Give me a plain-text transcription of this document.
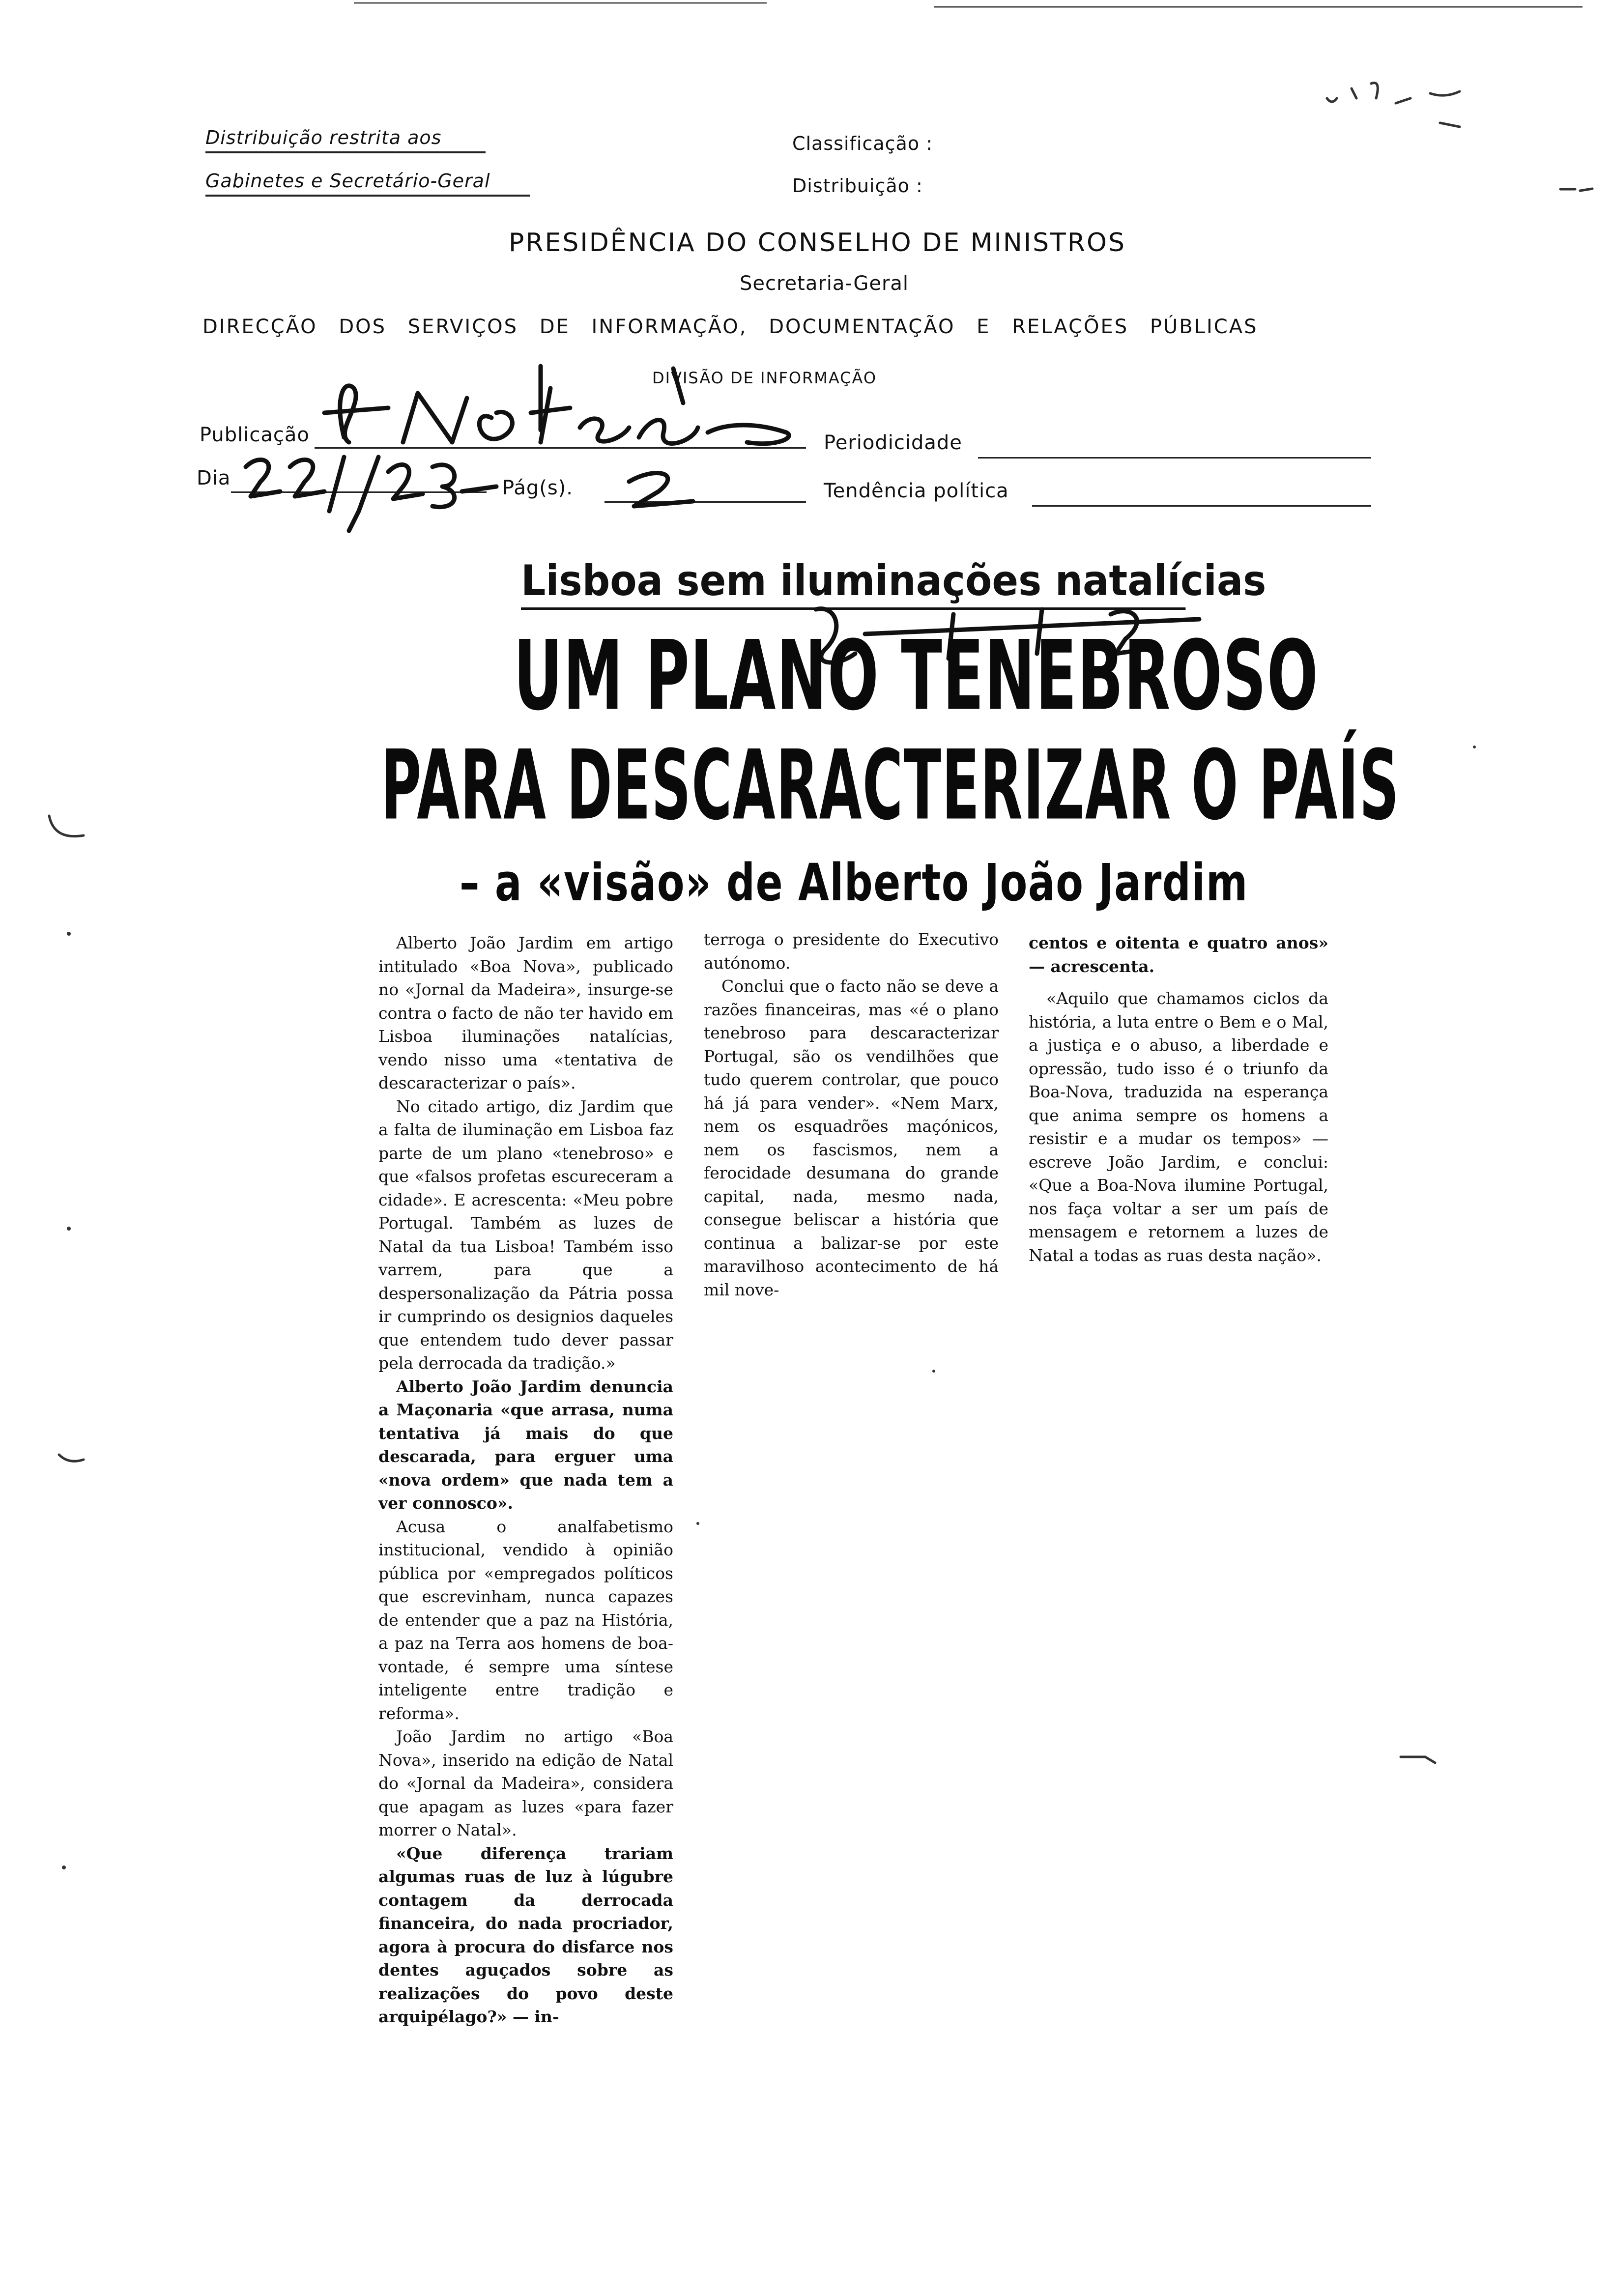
Distribuição restrita aos
Gabinetes e Secretário-Geral
Classificação :
Distribuição :
PRESIDÊNCIA DO CONSELHO DE MINISTROS
Secretaria-Geral
DIRECÇÃO DOS SERVIÇOS DE INFORMAÇÃO, DOCUMENTAÇÃO E RELAÇÕES PÚBLICAS
DIVISÃO DE INFORMAÇÃO
Publicação	Periodicidade
Dia	Pág(s).	Tendência política
Lisboa sem iluminações natalícias
UM PLANO TENEBROSO
PARA DESCARACTERIZAR O PAÍS
– a «visão» de Alberto João Jardim

Alberto João Jardim em artigo intitulado «Boa Nova», publicado no «Jornal da Madeira», insurge-se contra o facto de não ter havido em Lisboa iluminações natalícias, vendo nisso uma «tentativa de descaracterizar o país».

No citado artigo, diz Jardim que a falta de iluminação em Lisboa faz parte de um plano «tenebroso» e que «falsos profetas escureceram a cidade». E acrescenta: «Meu pobre Portugal. Também as luzes de Natal da tua Lisboa! Também isso varrem, para que a despersonalização da Pátria possa ir cumprindo os designios daqueles que entendem tudo dever passar pela derrocada da tradição.»

Alberto João Jardim denuncia a Maçonaria «que arrasa, numa tentativa já mais do que descarada, para erguer uma «nova ordem» que nada tem a ver connosco».

Acusa o analfabetismo institucional, vendido à opinião pública por «empregados políticos que escrevinham, nunca capazes de entender que a paz na História, a paz na Terra aos homens de boa-vontade, é sempre uma síntese inteligente entre tradição e reforma».

João Jardim no artigo «Boa Nova», inserido na edição de Natal do «Jornal da Madeira», considera que apagam as luzes «para fazer morrer o Natal».

«Que diferença trariam algumas ruas de luz à lúgubre contagem da derrocada financeira, do nada procriador, agora à procura do disfarce nos dentes aguçados sobre as realizações do povo deste arquipélago?» — in-

terroga o presidente do Executivo autónomo.

Conclui que o facto não se deve a razões financeiras, mas «é o plano tenebroso para descaracterizar Portugal, são os vendilhões que tudo querem controlar, que pouco há já para vender». «Nem Marx, nem os esquadrões maçónicos, nem os fascismos, nem a ferocidade desumana do grande capital, nada, mesmo nada, consegue beliscar a história que continua a balizar-se por este maravilhoso acontecimento de há mil nove-

centos e oitenta e quatro anos» — acrescenta.

«Aquilo que chamamos ciclos da história, a luta entre o Bem e o Mal, a justiça e o abuso, a liberdade e opressão, tudo isso é o triunfo da Boa-Nova, traduzida na esperança que anima sempre os homens a resistir e a mudar os tempos» — escreve João Jardim, e conclui: «Que a Boa-Nova ilumine Portugal, nos faça voltar a ser um país de mensagem e retornem a luzes de Natal a todas as ruas desta nação».
